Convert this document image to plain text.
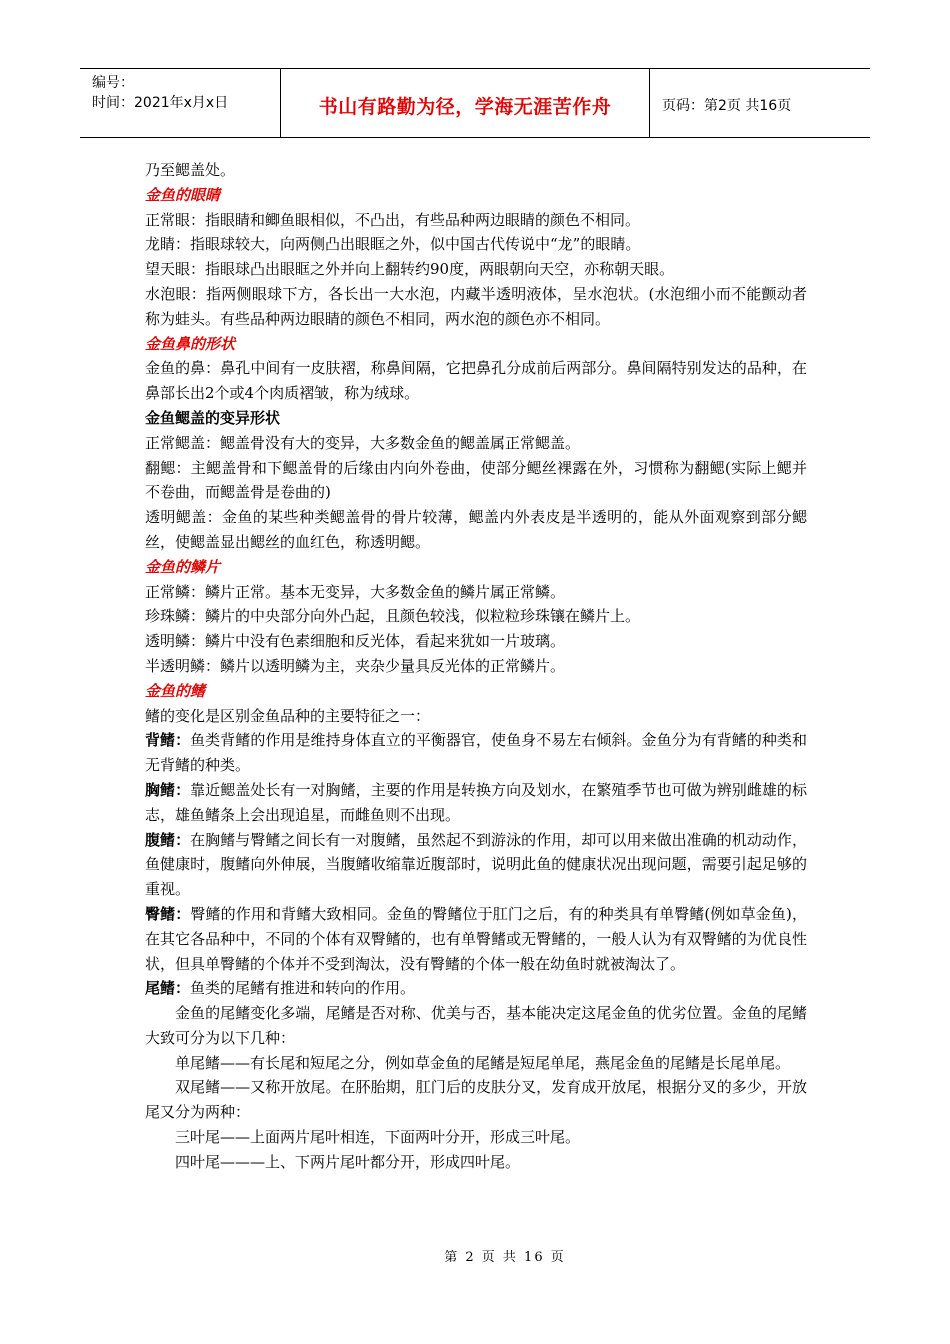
编号：
时间：2021年x月x日	书山有路勤为径，学海无涯苦作舟	页码：第2页 共16页

乃至鳃盖处。

金鱼的眼睛

正常眼：指眼睛和鲫鱼眼相似，不凸出，有些品种两边眼睛的颜色不相同。

龙睛：指眼球较大，向两侧凸出眼眶之外，似中国古代传说中“龙”的眼睛。

望天眼：指眼球凸出眼眶之外并向上翻转约90度，两眼朝向天空，亦称朝天眼。

水泡眼：指两侧眼球下方，各长出一大水泡，内藏半透明液体，呈水泡状。(水泡细小而不能颤动者称为蛙头。有些品种两边眼睛的颜色不相同，两水泡的颜色亦不相同。

金鱼鼻的形状

金鱼的鼻：鼻孔中间有一皮肤褶，称鼻间隔，它把鼻孔分成前后两部分。鼻间隔特别发达的品种，在鼻部长出2个或4个肉质褶皱，称为绒球。

金鱼鳃盖的变异形状

正常鳃盖：鳃盖骨没有大的变异，大多数金鱼的鳃盖属正常鳃盖。

翻鳃：主鳃盖骨和下鳃盖骨的后缘由内向外卷曲，使部分鳃丝裸露在外，习惯称为翻鳃(实际上鳃并不卷曲，而鳃盖骨是卷曲的)

透明鳃盖：金鱼的某些种类鳃盖骨的骨片较薄，鳃盖内外表皮是半透明的，能从外面观察到部分鳃丝，使鳃盖显出鳃丝的血红色，称透明鳃。

金鱼的鳞片

正常鳞：鳞片正常。基本无变异，大多数金鱼的鳞片属正常鳞。

珍珠鳞：鳞片的中央部分向外凸起，且颜色较浅，似粒粒珍珠镶在鳞片上。

透明鳞：鳞片中没有色素细胞和反光体，看起来犹如一片玻璃。

半透明鳞：鳞片以透明鳞为主，夹杂少量具反光体的正常鳞片。

金鱼的鳍

鳍的变化是区别金鱼品种的主要特征之一：

背鳍：鱼类背鳍的作用是维持身体直立的平衡器官，使鱼身不易左右倾斜。金鱼分为有背鳍的种类和无背鳍的种类。

胸鳍：靠近鳃盖处长有一对胸鳍，主要的作用是转换方向及划水，在繁殖季节也可做为辨别雌雄的标志，雄鱼鳍条上会出现追星，而雌鱼则不出现。

腹鳍：在胸鳍与臀鳍之间长有一对腹鳍，虽然起不到游泳的作用，却可以用来做出准确的机动动作，鱼健康时，腹鳍向外伸展，当腹鳍收缩靠近腹部时，说明此鱼的健康状况出现问题，需要引起足够的重视。

臀鳍：臀鳍的作用和背鳍大致相同。金鱼的臀鳍位于肛门之后，有的种类具有单臀鳍(例如草金鱼)，在其它各品种中，不同的个体有双臀鳍的，也有单臀鳍或无臀鳍的，一般人认为有双臀鳍的为优良性状，但具单臀鳍的个体并不受到淘汰，没有臀鳍的个体一般在幼鱼时就被淘汰了。

尾鳍：鱼类的尾鳍有推进和转向的作用。

金鱼的尾鳍变化多端，尾鳍是否对称、优美与否，基本能决定这尾金鱼的优劣位置。金鱼的尾鳍大致可分为以下几种：

单尾鳍——有长尾和短尾之分，例如草金鱼的尾鳍是短尾单尾，燕尾金鱼的尾鳍是长尾单尾。

双尾鳍——又称开放尾。在肧胎期，肛门后的皮肤分叉，发育成开放尾，根据分叉的多少，开放尾又分为两种：

三叶尾——上面两片尾叶相连，下面两叶分开，形成三叶尾。

四叶尾———上、下两片尾叶都分开，形成四叶尾。

第 2 页 共 16 页
